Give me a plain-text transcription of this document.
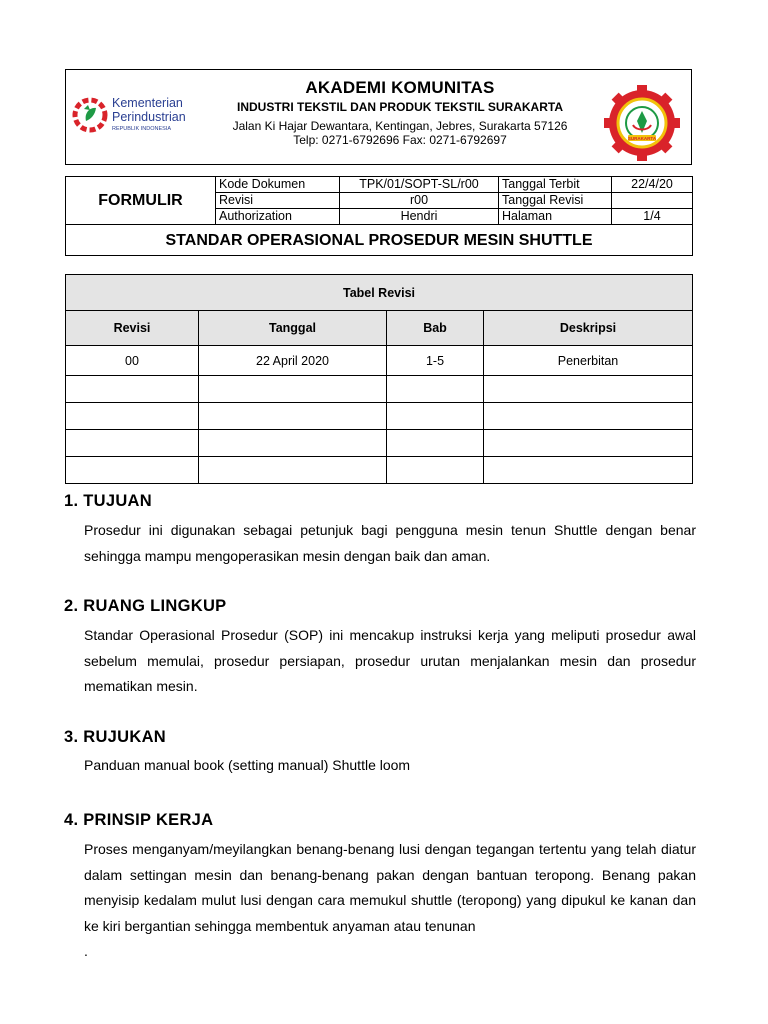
Kementerian
Perindustrian
REPUBLIK INDONESIA
AKADEMI KOMUNITAS
INDUSTRI TEKSTIL DAN PRODUK TEKSTIL SURAKARTA
Jalan Ki Hajar Dewantara, Kentingan, Jebres, Surakarta 57126
Telp: 0271-6792696 Fax: 0271-6792697	SURAKARTA
FORMULIR	Kode Dokumen	TPK/01/SOPT-SL/r00	Tanggal Terbit	22/4/20
	Revisi	r00	Tanggal Revisi	
	Authorization	Hendri	Halaman	1/4
STANDAR OPERASIONAL PROSEDUR MESIN SHUTTLE				
Tabel Revisi			
Revisi	Tanggal	Bab	Deskripsi
00	22 April 2020	1-5	Penerbitan

1. TUJUAN

Prosedur ini digunakan sebagai petunjuk bagi pengguna mesin tenun Shuttle dengan benar sehingga mampu mengoperasikan mesin dengan baik dan aman.

2. RUANG LINGKUP

Standar Operasional Prosedur (SOP) ini mencakup instruksi kerja yang meliputi prosedur awal sebelum memulai, prosedur persiapan, prosedur urutan menjalankan mesin dan prosedur mematikan mesin.

3. RUJUKAN

Panduan manual book (setting manual) Shuttle loom

4. PRINSIP KERJA

Proses menganyam/meyilangkan benang-benang lusi dengan tegangan tertentu yang telah diatur dalam settingan mesin dan benang-benang pakan dengan bantuan teropong. Benang pakan menyisip kedalam mulut lusi dengan cara memukul shuttle (teropong) yang dipukul ke kanan dan ke kiri bergantian sehingga membentuk anyaman atau tenunan

.
